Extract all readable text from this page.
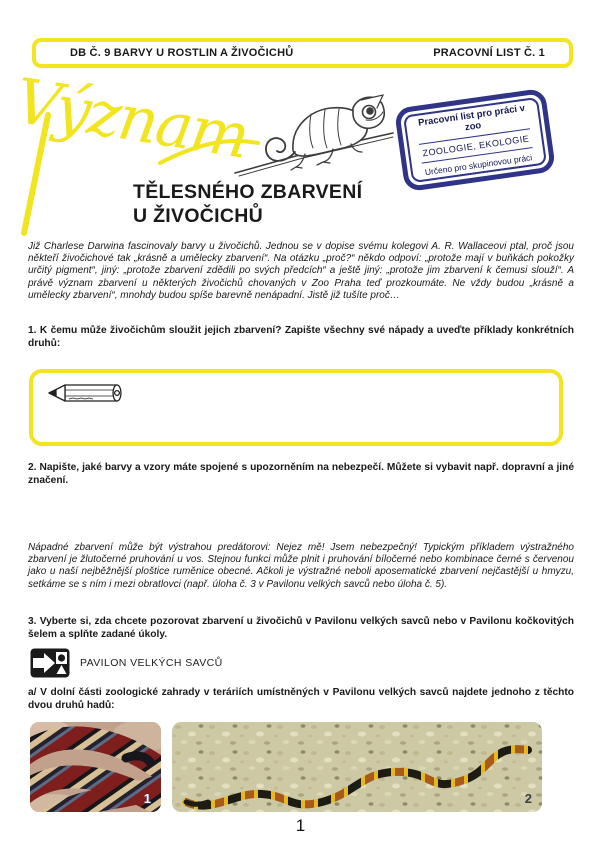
DB Č. 9 BARVY U ROSTLIN A ŽIVOČICHŮ	PRACOVNÍ LIST Č. 1
Význam	Pracovní list pro práci v zoo
ZOOLOGIE, EKOLOGIE
Určeno pro skupinovou práci
TĚLESNÉHO ZBARVENÍ
U ŽIVOČICHŮ
Již Charlese Darwina fascinovaly barvy u živočichů. Jednou se v dopise svému kolegovi A. R. Wallaceovi ptal, proč jsou někteří živočichové tak „krásně a umělecky zbarvení“. Na otázku „proč?“ někdo odpoví: „protože mají v buňkách pokožky určitý pigment“, jiný: „protože zbarvení zdědili po svých předcích“ a ještě jiný: „protože jim zbarvení k čemusi slouží“. A právě význam zbarvení u některých živočichů chovaných v Zoo Praha teď prozkoumáte. Ne vždy budou „krásně a umělecky zbarvení“, mnohdy budou spíše barevně nenápadní. Jistě již tušíte proč…
1. K čemu může živočichům sloužit jejich zbarvení? Zapište všechny své nápady a uveďte příklady konkrétních druhů:
2. Napište, jaké barvy a vzory máte spojené s upozorněním na nebezpečí. Můžete si vybavit např. dopravní a jiné značení.
Nápadné zbarvení může být výstrahou predátorovi: Nejez mě! Jsem nebezpečný! Typickým příkladem výstražného zbarvení je žlutočerné pruhování u vos. Stejnou funkci může plnit i pruhování bíločerné nebo kombinace černé s červenou jako u naší nejběžnější ploštice ruměnice obecné. Ačkoli je výstražné neboli aposematické zbarvení nejčastější u hmyzu, setkáme se s ním i mezi obratlovci (např. úloha č. 3 v Pavilonu velkých savců nebo úloha č. 5).
3. Vyberte si, zda chcete pozorovat zbarvení u živočichů v Pavilonu velkých savců nebo v Pavilonu kočkovitých šelem a splňte zadané úkoly.
PAVILON VELKÝCH SAVCŮ
a/ V dolní části zoologické zahrady v teráriích umístněných v Pavilonu velkých savců najdete jednoho z těchto dvou druhů hadů:
1	2
1
